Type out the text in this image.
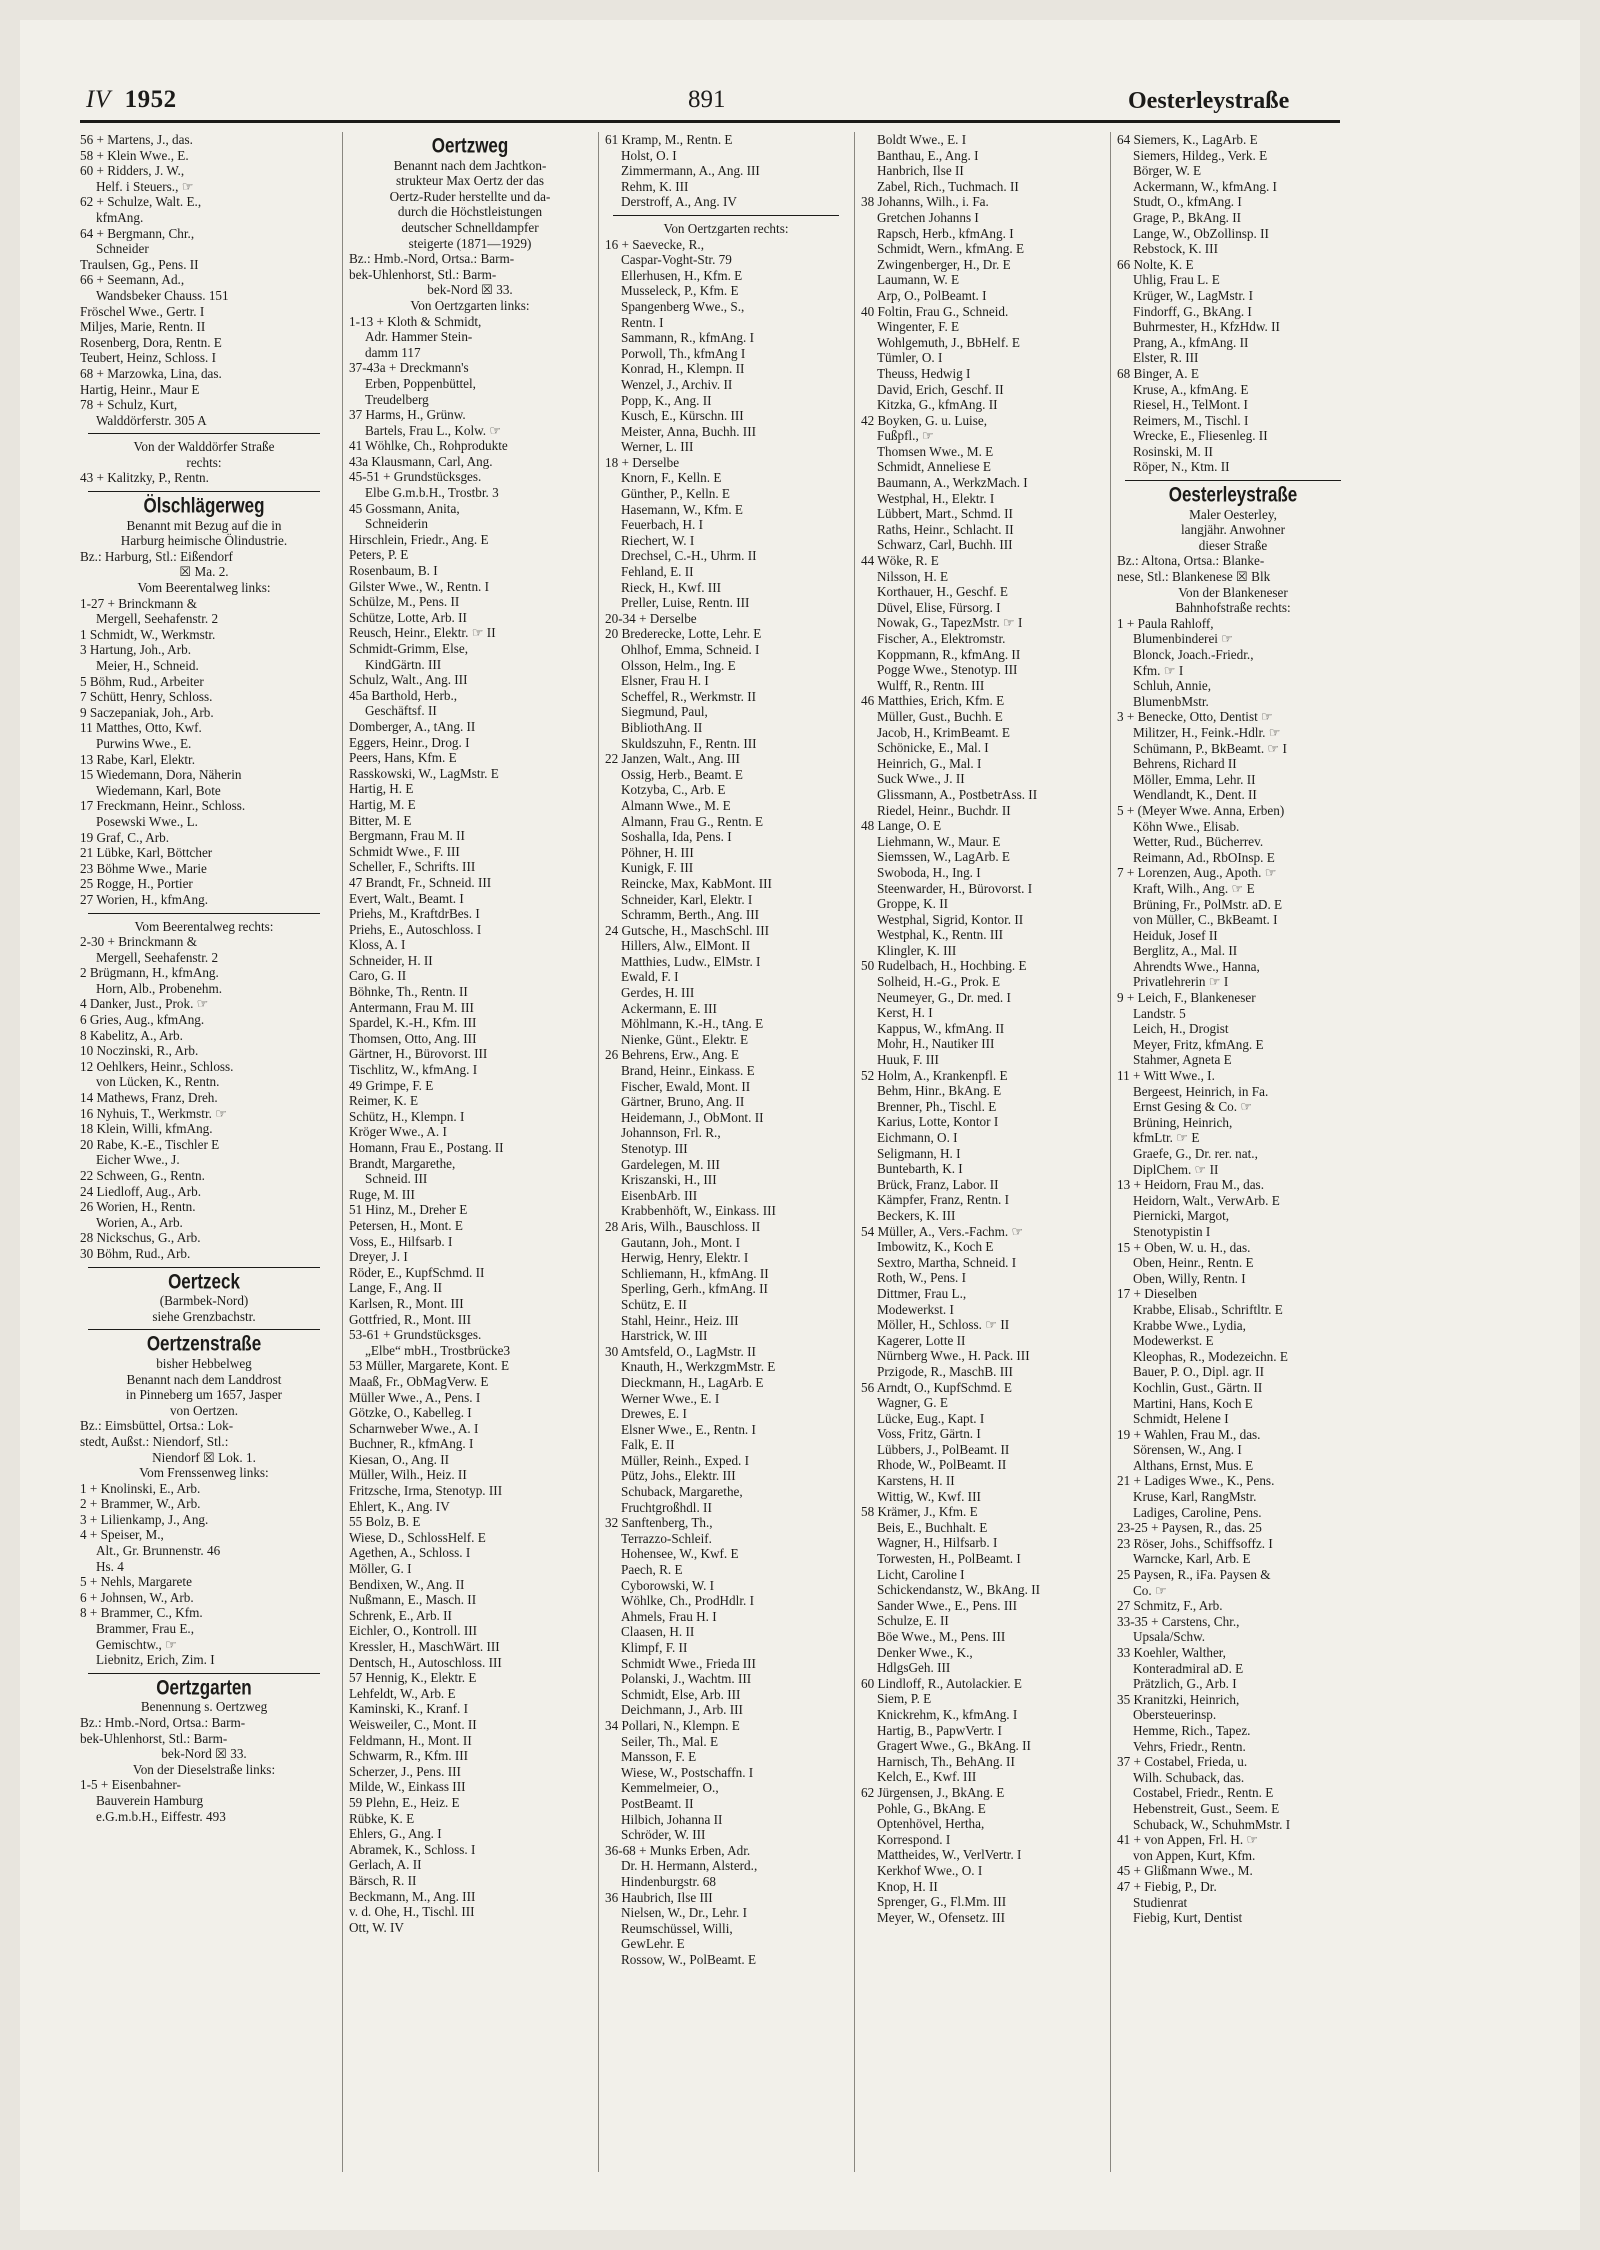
IV 1952	891	Oesterleystraße
56 + Martens, J., das.
58 + Klein Wwe., E.
60 + Ridders, J. W.,
Helf. i Steuers., ☞
62 + Schulze, Walt. E.,
kfmAng.
64 + Bergmann, Chr.,
Schneider
Traulsen, Gg., Pens. II
66 + Seemann, Ad.,
Wandsbeker Chauss. 151
Fröschel Wwe., Gertr. I
Miljes, Marie, Rentn. II
Rosenberg, Dora, Rentn. E
Teubert, Heinz, Schloss. I
68 + Marzowka, Lina, das.
Hartig, Heinr., Maur E
78 + Schulz, Kurt,
Walddörferstr. 305 A
Von der Walddörfer Straße
rechts:
43 + Kalitzky, P., Rentn.
Ölschlägerweg
Benannt mit Bezug auf die in
Harburg heimische Ölindustrie.
Bz.: Harburg, Stl.: Eißendorf
☒ Ma. 2.
Vom Beerentalweg links:
1-27 + Brinckmann &
Mergell, Seehafenstr. 2
1 Schmidt, W., Werkmstr.
3 Hartung, Joh., Arb.
Meier, H., Schneid.
5 Böhm, Rud., Arbeiter
7 Schütt, Henry, Schloss.
9 Saczepaniak, Joh., Arb.
11 Matthes, Otto, Kwf.
Purwins Wwe., E.
13 Rabe, Karl, Elektr.
15 Wiedemann, Dora, Näherin
Wiedemann, Karl, Bote
17 Freckmann, Heinr., Schloss.
Posewski Wwe., L.
19 Graf, C., Arb.
21 Lübke, Karl, Böttcher
23 Böhme Wwe., Marie
25 Rogge, H., Portier
27 Worien, H., kfmAng.
Vom Beerentalweg rechts:
2-30 + Brinckmann &
Mergell, Seehafenstr. 2
2 Brügmann, H., kfmAng.
Horn, Alb., Probenehm.
4 Danker, Just., Prok. ☞
6 Gries, Aug., kfmAng.
8 Kabelitz, A., Arb.
10 Noczinski, R., Arb.
12 Oehlkers, Heinr., Schloss.
von Lücken, K., Rentn.
14 Mathews, Franz, Dreh.
16 Nyhuis, T., Werkmstr. ☞
18 Klein, Willi, kfmAng.
20 Rabe, K.-E., Tischler E
Eicher Wwe., J.
22 Schween, G., Rentn.
24 Liedloff, Aug., Arb.
26 Worien, H., Rentn.
Worien, A., Arb.
28 Nickschus, G., Arb.
30 Böhm, Rud., Arb.
Oertzeck
(Barmbek-Nord)
siehe Grenzbachstr.
Oertzenstraße
bisher Hebbelweg
Benannt nach dem Landdrost
in Pinneberg um 1657, Jasper
von Oertzen.
Bz.: Eimsbüttel, Ortsa.: Lok-
stedt, Außst.: Niendorf, Stl.:
Niendorf ☒ Lok. 1.
Vom Frenssenweg links:
1 + Knolinski, E., Arb.
2 + Brammer, W., Arb.
3 + Lilienkamp, J., Ang.
4 + Speiser, M.,
Alt., Gr. Brunnenstr. 46
Hs. 4
5 + Nehls, Margarete
6 + Johnsen, W., Arb.
8 + Brammer, C., Kfm.
Brammer, Frau E.,
Gemischtw., ☞
Liebnitz, Erich, Zim. I
Oertzgarten
Benennung s. Oertzweg
Bz.: Hmb.-Nord, Ortsa.: Barm-
bek-Uhlenhorst, Stl.: Barm-
bek-Nord ☒ 33.
Von der Dieselstraße links:
1-5 + Eisenbahner-
Bauverein Hamburg
e.G.m.b.H., Eiffestr. 493
Oertzweg
Benannt nach dem Jachtkon-
strukteur Max Oertz der das
Oertz-Ruder herstellte und da-
durch die Höchstleistungen
deutscher Schnelldampfer
steigerte (1871—1929)
Bz.: Hmb.-Nord, Ortsa.: Barm-
bek-Uhlenhorst, Stl.: Barm-
bek-Nord ☒ 33.
Von Oertzgarten links:
1-13 + Kloth & Schmidt,
Adr. Hammer Stein-
damm 117
37-43a + Dreckmann's
Erben, Poppenbüttel,
Treudelberg
37 Harms, H., Grünw.
Bartels, Frau L., Kolw. ☞
41 Wöhlke, Ch., Rohprodukte
43a Klausmann, Carl, Ang.
45-51 + Grundstücksges.
Elbe G.m.b.H., Trostbr. 3
45 Gossmann, Anita,
Schneiderin
Hirschlein, Friedr., Ang. E
Peters, P. E
Rosenbaum, B. I
Gilster Wwe., W., Rentn. I
Schülze, M., Pens. II
Schütze, Lotte, Arb. II
Reusch, Heinr., Elektr. ☞ II
Schmidt-Grimm, Else,
KindGärtn. III
Schulz, Walt., Ang. III
45a Barthold, Herb.,
Geschäftsf. II
Domberger, A., tAng. II
Eggers, Heinr., Drog. I
Peers, Hans, Kfm. E
Rasskowski, W., LagMstr. E
Hartig, H. E
Hartig, M. E
Bitter, M. E
Bergmann, Frau M. II
Schmidt Wwe., F. III
Scheller, F., Schrifts. III
47 Brandt, Fr., Schneid. III
Evert, Walt., Beamt. I
Priehs, M., KraftdrBes. I
Priehs, E., Autoschloss. I
Kloss, A. I
Schneider, H. II
Caro, G. II
Böhnke, Th., Rentn. II
Antermann, Frau M. III
Spardel, K.-H., Kfm. III
Thomsen, Otto, Ang. III
Gärtner, H., Bürovorst. III
Tischlitz, W., kfmAng. I
49 Grimpe, F. E
Reimer, K. E
Schütz, H., Klempn. I
Kröger Wwe., A. I
Homann, Frau E., Postang. II
Brandt, Margarethe,
Schneid. III
Ruge, M. III
51 Hinz, M., Dreher E
Petersen, H., Mont. E
Voss, E., Hilfsarb. I
Dreyer, J. I
Röder, E., KupfSchmd. II
Lange, F., Ang. II
Karlsen, R., Mont. III
Gottfried, R., Mont. III
53-61 + Grundstücksges.
„Elbe“ mbH., Trostbrücke3
53 Müller, Margarete, Kont. E
Maaß, Fr., ObMagVerw. E
Müller Wwe., A., Pens. I
Götzke, O., Kabelleg. I
Scharnweber Wwe., A. I
Buchner, R., kfmAng. I
Kiesan, O., Ang. II
Müller, Wilh., Heiz. II
Fritzsche, Irma, Stenotyp. III
Ehlert, K., Ang. IV
55 Bolz, B. E
Wiese, D., SchlossHelf. E
Agethen, A., Schloss. I
Möller, G. I
Bendixen, W., Ang. II
Nußmann, E., Masch. II
Schrenk, E., Arb. II
Eichler, O., Kontroll. III
Kressler, H., MaschWärt. III
Dentsch, H., Autoschloss. III
57 Hennig, K., Elektr. E
Lehfeldt, W., Arb. E
Kaminski, K., Kranf. I
Weisweiler, C., Mont. II
Feldmann, H., Mont. II
Schwarm, R., Kfm. III
Scherzer, J., Pens. III
Milde, W., Einkass III
59 Plehn, E., Heiz. E
Rübke, K. E
Ehlers, G., Ang. I
Abramek, K., Schloss. I
Gerlach, A. II
Bärsch, R. II
Beckmann, M., Ang. III
v. d. Ohe, H., Tischl. III
Ott, W. IV
61 Kramp, M., Rentn. E
Holst, O. I
Zimmermann, A., Ang. III
Rehm, K. III
Derstroff, A., Ang. IV
Von Oertzgarten rechts:
16 + Saevecke, R.,
Caspar-Voght-Str. 79
Ellerhusen, H., Kfm. E
Musseleck, P., Kfm. E
Spangenberg Wwe., S.,
Rentn. I
Sammann, R., kfmAng. I
Porwoll, Th., kfmAng I
Konrad, H., Klempn. II
Wenzel, J., Archiv. II
Popp, K., Ang. II
Kusch, E., Kürschn. III
Meister, Anna, Buchh. III
Werner, L. III
18 + Derselbe
Knorn, F., Kelln. E
Günther, P., Kelln. E
Hasemann, W., Kfm. E
Feuerbach, H. I
Riechert, W. I
Drechsel, C.-H., Uhrm. II
Fehland, E. II
Rieck, H., Kwf. III
Preller, Luise, Rentn. III
20-34 + Derselbe
20 Brederecke, Lotte, Lehr. E
Ohlhof, Emma, Schneid. I
Olsson, Helm., Ing. E
Elsner, Frau H. I
Scheffel, R., Werkmstr. II
Siegmund, Paul,
BibliothAng. II
Skuldszuhn, F., Rentn. III
22 Janzen, Walt., Ang. III
Ossig, Herb., Beamt. E
Kotzyba, C., Arb. E
Almann Wwe., M. E
Almann, Frau G., Rentn. E
Soshalla, Ida, Pens. I
Pöhner, H. III
Kunigk, F. III
Reincke, Max, KabMont. III
Schneider, Karl, Elektr. I
Schramm, Berth., Ang. III
24 Gutsche, H., MaschSchl. III
Hillers, Alw., ElMont. II
Matthies, Ludw., ElMstr. I
Ewald, F. I
Gerdes, H. III
Ackermann, E. III
Möhlmann, K.-H., tAng. E
Nienke, Günt., Elektr. E
26 Behrens, Erw., Ang. E
Brand, Heinr., Einkass. E
Fischer, Ewald, Mont. II
Gärtner, Bruno, Ang. II
Heidemann, J., ObMont. II
Johannson, Frl. R.,
Stenotyp. III
Gardelegen, M. III
Kriszanski, H., III
EisenbArb. III
Krabbenhöft, W., Einkass. III
28 Aris, Wilh., Bauschloss. II
Gautann, Joh., Mont. I
Herwig, Henry, Elektr. I
Schliemann, H., kfmAng. II
Sperling, Gerh., kfmAng. II
Schütz, E. II
Stahl, Heinr., Heiz. III
Harstrick, W. III
30 Amtsfeld, O., LagMstr. II
Knauth, H., WerkzgmMstr. E
Dieckmann, H., LagArb. E
Werner Wwe., E. I
Drewes, E. I
Elsner Wwe., E., Rentn. I
Falk, E. II
Müller, Reinh., Exped. I
Pütz, Johs., Elektr. III
Schuback, Margarethe,
Fruchtgroßhdl. II
32 Sanftenberg, Th.,
Terrazzo-Schleif.
Hohensee, W., Kwf. E
Paech, R. E
Cyborowski, W. I
Wöhlke, Ch., ProdHdlr. I
Ahmels, Frau H. I
Claasen, H. II
Klimpf, F. II
Schmidt Wwe., Frieda III
Polanski, J., Wachtm. III
Schmidt, Else, Arb. III
Deichmann, J., Arb. III
34 Pollari, N., Klempn. E
Seiler, Th., Mal. E
Mansson, F. E
Wiese, W., Postschaffn. I
Kemmelmeier, O.,
PostBeamt. II
Hilbich, Johanna II
Schröder, W. III
36-68 + Munks Erben, Adr.
Dr. H. Hermann, Alsterd.,
Hindenburgstr. 68
36 Haubrich, Ilse III
Nielsen, W., Dr., Lehr. I
Reumschüssel, Willi,
GewLehr. E
Rossow, W., PolBeamt. E
Boldt Wwe., E. I
Banthau, E., Ang. I
Hanbrich, Ilse II
Zabel, Rich., Tuchmach. II
38 Johanns, Wilh., i. Fa.
Gretchen Johanns I
Rapsch, Herb., kfmAng. I
Schmidt, Wern., kfmAng. E
Zwingenberger, H., Dr. E
Laumann, W. E
Arp, O., PolBeamt. I
40 Foltin, Frau G., Schneid.
Wingenter, F. E
Wohlgemuth, J., BbHelf. E
Tümler, O. I
Theuss, Hedwig I
David, Erich, Geschf. II
Kitzka, G., kfmAng. II
42 Boyken, G. u. Luise,
Fußpfl., ☞
Thomsen Wwe., M. E
Schmidt, Anneliese E
Baumann, A., WerkzMach. I
Westphal, H., Elektr. I
Lübbert, Mart., Schmd. II
Raths, Heinr., Schlacht. II
Schwarz, Carl, Buchh. III
44 Wöke, R. E
Nilsson, H. E
Korthauer, H., Geschf. E
Düvel, Elise, Fürsorg. I
Nowak, G., TapezMstr. ☞ I
Fischer, A., Elektromstr.
Koppmann, R., kfmAng. II
Pogge Wwe., Stenotyp. III
Wulff, R., Rentn. III
46 Matthies, Erich, Kfm. E
Müller, Gust., Buchh. E
Jacob, H., KrimBeamt. E
Schönicke, E., Mal. I
Heinrich, G., Mal. I
Suck Wwe., J. II
Glissmann, A., PostbetrAss. II
Riedel, Heinr., Buchdr. II
48 Lange, O. E
Liehmann, W., Maur. E
Siemssen, W., LagArb. E
Swoboda, H., Ing. I
Steenwarder, H., Bürovorst. I
Groppe, K. II
Westphal, Sigrid, Kontor. II
Westphal, K., Rentn. III
Klingler, K. III
50 Rudelbach, H., Hochbing. E
Solheid, H.-G., Prok. E
Neumeyer, G., Dr. med. I
Kerst, H. I
Kappus, W., kfmAng. II
Mohr, H., Nautiker III
Huuk, F. III
52 Holm, A., Krankenpfl. E
Behm, Hinr., BkAng. E
Brenner, Ph., Tischl. E
Karius, Lotte, Kontor I
Eichmann, O. I
Seligmann, H. I
Buntebarth, K. I
Brück, Franz, Labor. II
Kämpfer, Franz, Rentn. I
Beckers, K. III
54 Müller, A., Vers.-Fachm. ☞
Imbowitz, K., Koch E
Sextro, Martha, Schneid. I
Roth, W., Pens. I
Dittmer, Frau L.,
Modewerkst. I
Möller, H., Schloss. ☞ II
Kagerer, Lotte II
Nürnberg Wwe., H. Pack. III
Przigode, R., MaschB. III
56 Arndt, O., KupfSchmd. E
Wagner, G. E
Lücke, Eug., Kapt. I
Voss, Fritz, Gärtn. I
Lübbers, J., PolBeamt. II
Rhode, W., PolBeamt. II
Karstens, H. II
Wittig, W., Kwf. III
58 Krämer, J., Kfm. E
Beis, E., Buchhalt. E
Wagner, H., Hilfsarb. I
Torwesten, H., PolBeamt. I
Licht, Caroline I
Schickendanstz, W., BkAng. II
Sander Wwe., E., Pens. III
Schulze, E. II
Böe Wwe., M., Pens. III
Denker Wwe., K.,
HdlgsGeh. III
60 Lindloff, R., Autolackier. E
Siem, P. E
Knickrehm, K., kfmAng. I
Hartig, B., PapwVertr. I
Gragert Wwe., G., BkAng. II
Harnisch, Th., BehAng. II
Kelch, E., Kwf. III
62 Jürgensen, J., BkAng. E
Pohle, G., BkAng. E
Optenhövel, Hertha,
Korrespond. I
Mattheides, W., VerlVertr. I
Kerkhof Wwe., O. I
Knop, H. II
Sprenger, G., Fl.Mm. III
Meyer, W., Ofensetz. III
64 Siemers, K., LagArb. E
Siemers, Hildeg., Verk. E
Börger, W. E
Ackermann, W., kfmAng. I
Studt, O., kfmAng. I
Grage, P., BkAng. II
Lange, W., ObZollinsp. II
Rebstock, K. III
66 Nolte, K. E
Uhlig, Frau L. E
Krüger, W., LagMstr. I
Findorff, G., BkAng. I
Buhrmester, H., KfzHdw. II
Prang, A., kfmAng. II
Elster, R. III
68 Binger, A. E
Kruse, A., kfmAng. E
Riesel, H., TelMont. I
Reimers, M., Tischl. I
Wrecke, E., Fliesenleg. II
Rosinski, M. II
Röper, N., Ktm. II
Oesterleystraße
Maler Oesterley,
langjähr. Anwohner
dieser Straße
Bz.: Altona, Ortsa.: Blanke-
nese, Stl.: Blankenese ☒ Blk
Von der Blankeneser
Bahnhofstraße rechts:
1 + Paula Rahloff,
Blumenbinderei ☞
Blonck, Joach.-Friedr.,
Kfm. ☞ I
Schluh, Annie,
BlumenbMstr.
3 + Benecke, Otto, Dentist ☞
Militzer, H., Feink.-Hdlr. ☞
Schümann, P., BkBeamt. ☞ I
Behrens, Richard II
Möller, Emma, Lehr. II
Wendlandt, K., Dent. II
5 + (Meyer Wwe. Anna, Erben)
Köhn Wwe., Elisab.
Wetter, Rud., Bücherrev.
Reimann, Ad., RbOInsp. E
7 + Lorenzen, Aug., Apoth. ☞
Kraft, Wilh., Ang. ☞ E
Brüning, Fr., PolMstr. aD. E
von Müller, C., BkBeamt. I
Heiduk, Josef II
Berglitz, A., Mal. II
Ahrendts Wwe., Hanna,
Privatlehrerin ☞ I
9 + Leich, F., Blankeneser
Landstr. 5
Leich, H., Drogist
Meyer, Fritz, kfmAng. E
Stahmer, Agneta E
11 + Witt Wwe., I.
Bergeest, Heinrich, in Fa.
Ernst Gesing & Co. ☞
Brüning, Heinrich,
kfmLtr. ☞ E
Graefe, G., Dr. rer. nat.,
DiplChem. ☞ II
13 + Heidorn, Frau M., das.
Heidorn, Walt., VerwArb. E
Piernicki, Margot,
Stenotypistin I
15 + Oben, W. u. H., das.
Oben, Heinr., Rentn. E
Oben, Willy, Rentn. I
17 + Dieselben
Krabbe, Elisab., Schriftltr. E
Krabbe Wwe., Lydia,
Modewerkst. E
Kleophas, R., Modezeichn. E
Bauer, P. O., Dipl. agr. II
Kochlin, Gust., Gärtn. II
Martini, Hans, Koch E
Schmidt, Helene I
19 + Wahlen, Frau M., das.
Sörensen, W., Ang. I
Althans, Ernst, Mus. E
21 + Ladiges Wwe., K., Pens.
Kruse, Karl, RangMstr.
Ladiges, Caroline, Pens.
23-25 + Paysen, R., das. 25
23 Röser, Johs., Schiffsoffz. I
Warncke, Karl, Arb. E
25 Paysen, R., iFa. Paysen &
Co. ☞
27 Schmitz, F., Arb.
33-35 + Carstens, Chr.,
Upsala/Schw.
33 Koehler, Walther,
Konteradmiral aD. E
Prätzlich, G., Arb. I
35 Kranitzki, Heinrich,
Obersteuerinsp.
Hemme, Rich., Tapez.
Vehrs, Friedr., Rentn.
37 + Costabel, Frieda, u.
Wilh. Schuback, das.
Costabel, Friedr., Rentn. E
Hebenstreit, Gust., Seem. E
Schuback, W., SchuhmMstr. I
41 + von Appen, Frl. H. ☞
von Appen, Kurt, Kfm.
45 + Glißmann Wwe., M.
47 + Fiebig, P., Dr.
Studienrat
Fiebig, Kurt, Dentist
